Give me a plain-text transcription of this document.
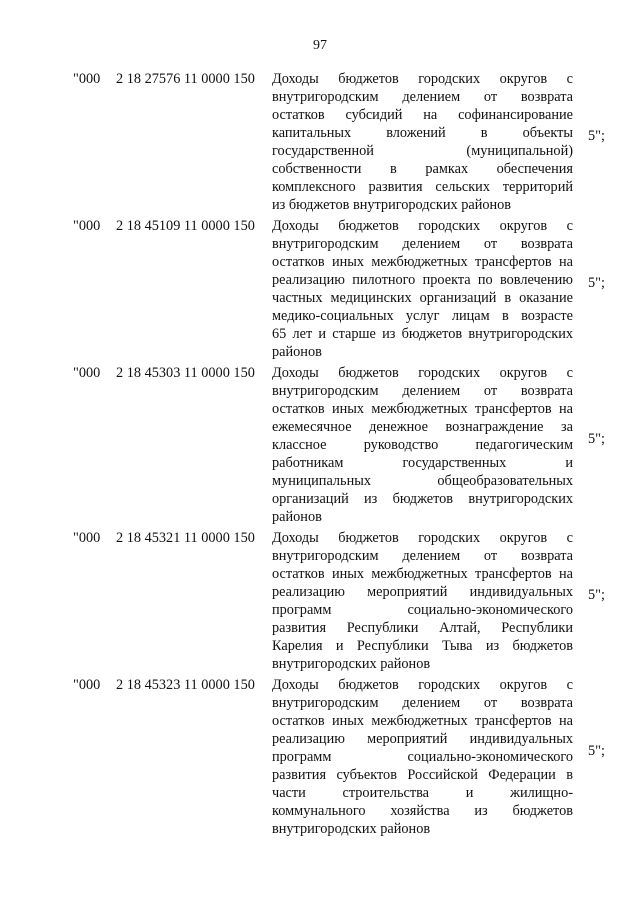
97
"000 2 18 27576 11 0000 150 Доходы бюджетов городских округов с
внутригородским делением от возврата
остатков субсидий на софинансирование
капитальных вложений в объекты
государственной (муниципальной)
собственности в рамках обеспечения
комплексного развития сельских территорий
из бюджетов внутригородских районов
5";
"000 2 18 45109 11 0000 150 Доходы бюджетов городских округов с
внутригородским делением от возврата
остатков иных межбюджетных трансфертов на
реализацию пилотного проекта по вовлечению
частных медицинских организаций в оказание
медико-социальных услуг лицам в возрасте
65 лет и старше из бюджетов внутригородских
районов
5";
"000 2 18 45303 11 0000 150 Доходы бюджетов городских округов с
внутригородским делением от возврата
остатков иных межбюджетных трансфертов на
ежемесячное денежное вознаграждение за
классное руководство педагогическим
работникам государственных и
муниципальных общеобразовательных
организаций из бюджетов внутригородских
районов
5";
"000 2 18 45321 11 0000 150 Доходы бюджетов городских округов с
внутригородским делением от возврата
остатков иных межбюджетных трансфертов на
реализацию мероприятий индивидуальных
программ социально-экономического
развития Республики Алтай, Республики
Карелия и Республики Тыва из бюджетов
внутригородских районов
5";
"000 2 18 45323 11 0000 150 Доходы бюджетов городских округов с
внутригородским делением от возврата
остатков иных межбюджетных трансфертов на
реализацию мероприятий индивидуальных
программ социально-экономического
развития субъектов Российской Федерации в
части строительства и жилищно-
коммунального хозяйства из бюджетов
внутригородских районов
5";
